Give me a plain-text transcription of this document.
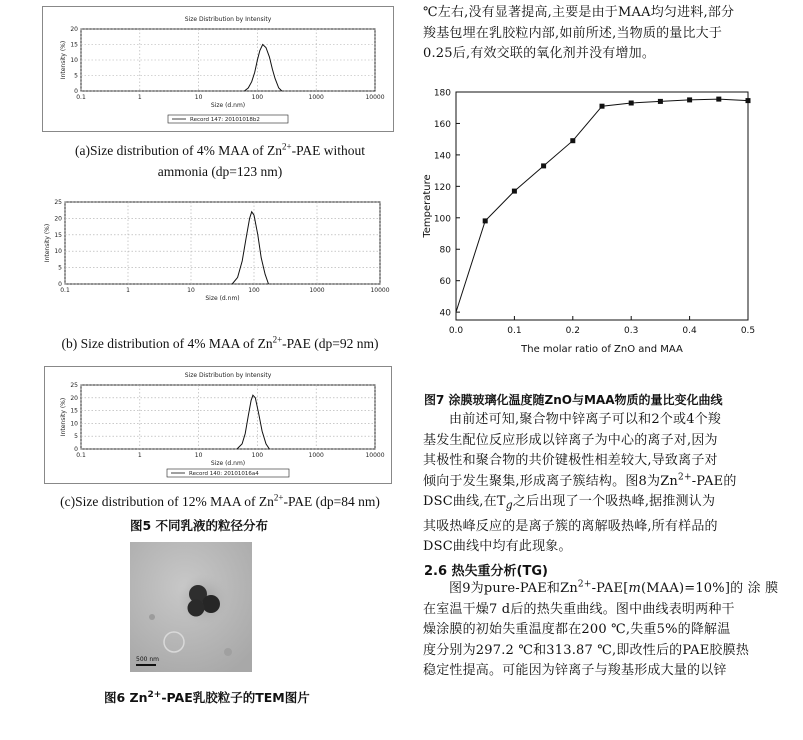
Size Distribution by Intensity
20
15
10
5
0
0.1	1	10	100	1000	10000
Size (d.nm)
Intensity (%)
Record 147: 20101018b2
(a)Size distribution of 4% MAA of $Zn^{2+}$-PAE without
ammonia (dp=123 nm)
25
20
15
10
5
0
0.1	1	10	100	1000	10000
Size (d.nm)
Intensity (%)
(b) Size distribution of 4% MAA of $Zn^{2+}$-PAE (dp=92 nm)
Size Distribution by Intensity
25
20
15
10
5
0
0.1	1	10	100	1000	10000
Size (d.nm)
Intensity (%)
Record 140: 20101016a4
(c)Size distribution of 12% MAA of $Zn^{2+}$-PAE (dp=84 nm)
图5 不同乳液的粒径分布
500 nm
图6 $Zn^{2+}$-PAE乳胶粒子的TEM图片

℃左右,没有显著提高,主要是由于MAA均匀进料,部分

羧基包埋在乳胶粒内部,如前所述,当物质的量比大于

0.25后,有效交联的氧化剂并没有增加。

40
60
80
100
120
140
160
180
0.0	0.1	0.2	0.3	0.4	0.5
The molar ratio of ZnO and MAA
Temperature
图7 涂膜玻璃化温度随ZnO与MAA物质的量比变化曲线

由前述可知,聚合物中锌离子可以和2个或4个羧

基发生配位反应形成以锌离子为中心的离子对,因为

其极性和聚合物的共价键极性相差较大,导致离子对

倾向于发生聚集,形成离子簇结构。图8为$Zn^{2+}$-PAE的

DSC曲线,在$T_g$之后出现了一个吸热峰,据推测认为

其吸热峰反应的是离子簇的离解吸热峰,所有样品的

DSC曲线中均有此现象。

2.6 热失重分析(TG)

图9为pure-PAE和$Zn^{2+}-PAE[m(MAA)=10\%]$的 涂 膜

在室温干燥7 d后的热失重曲线。图中曲线表明两种干

燥涂膜的初始失重温度都在200 ℃,失重5%的降解温

度分别为297.2 ℃和313.87 ℃,即改性后的PAE胶膜热

稳定性提高。可能因为锌离子与羧基形成大量的以锌
